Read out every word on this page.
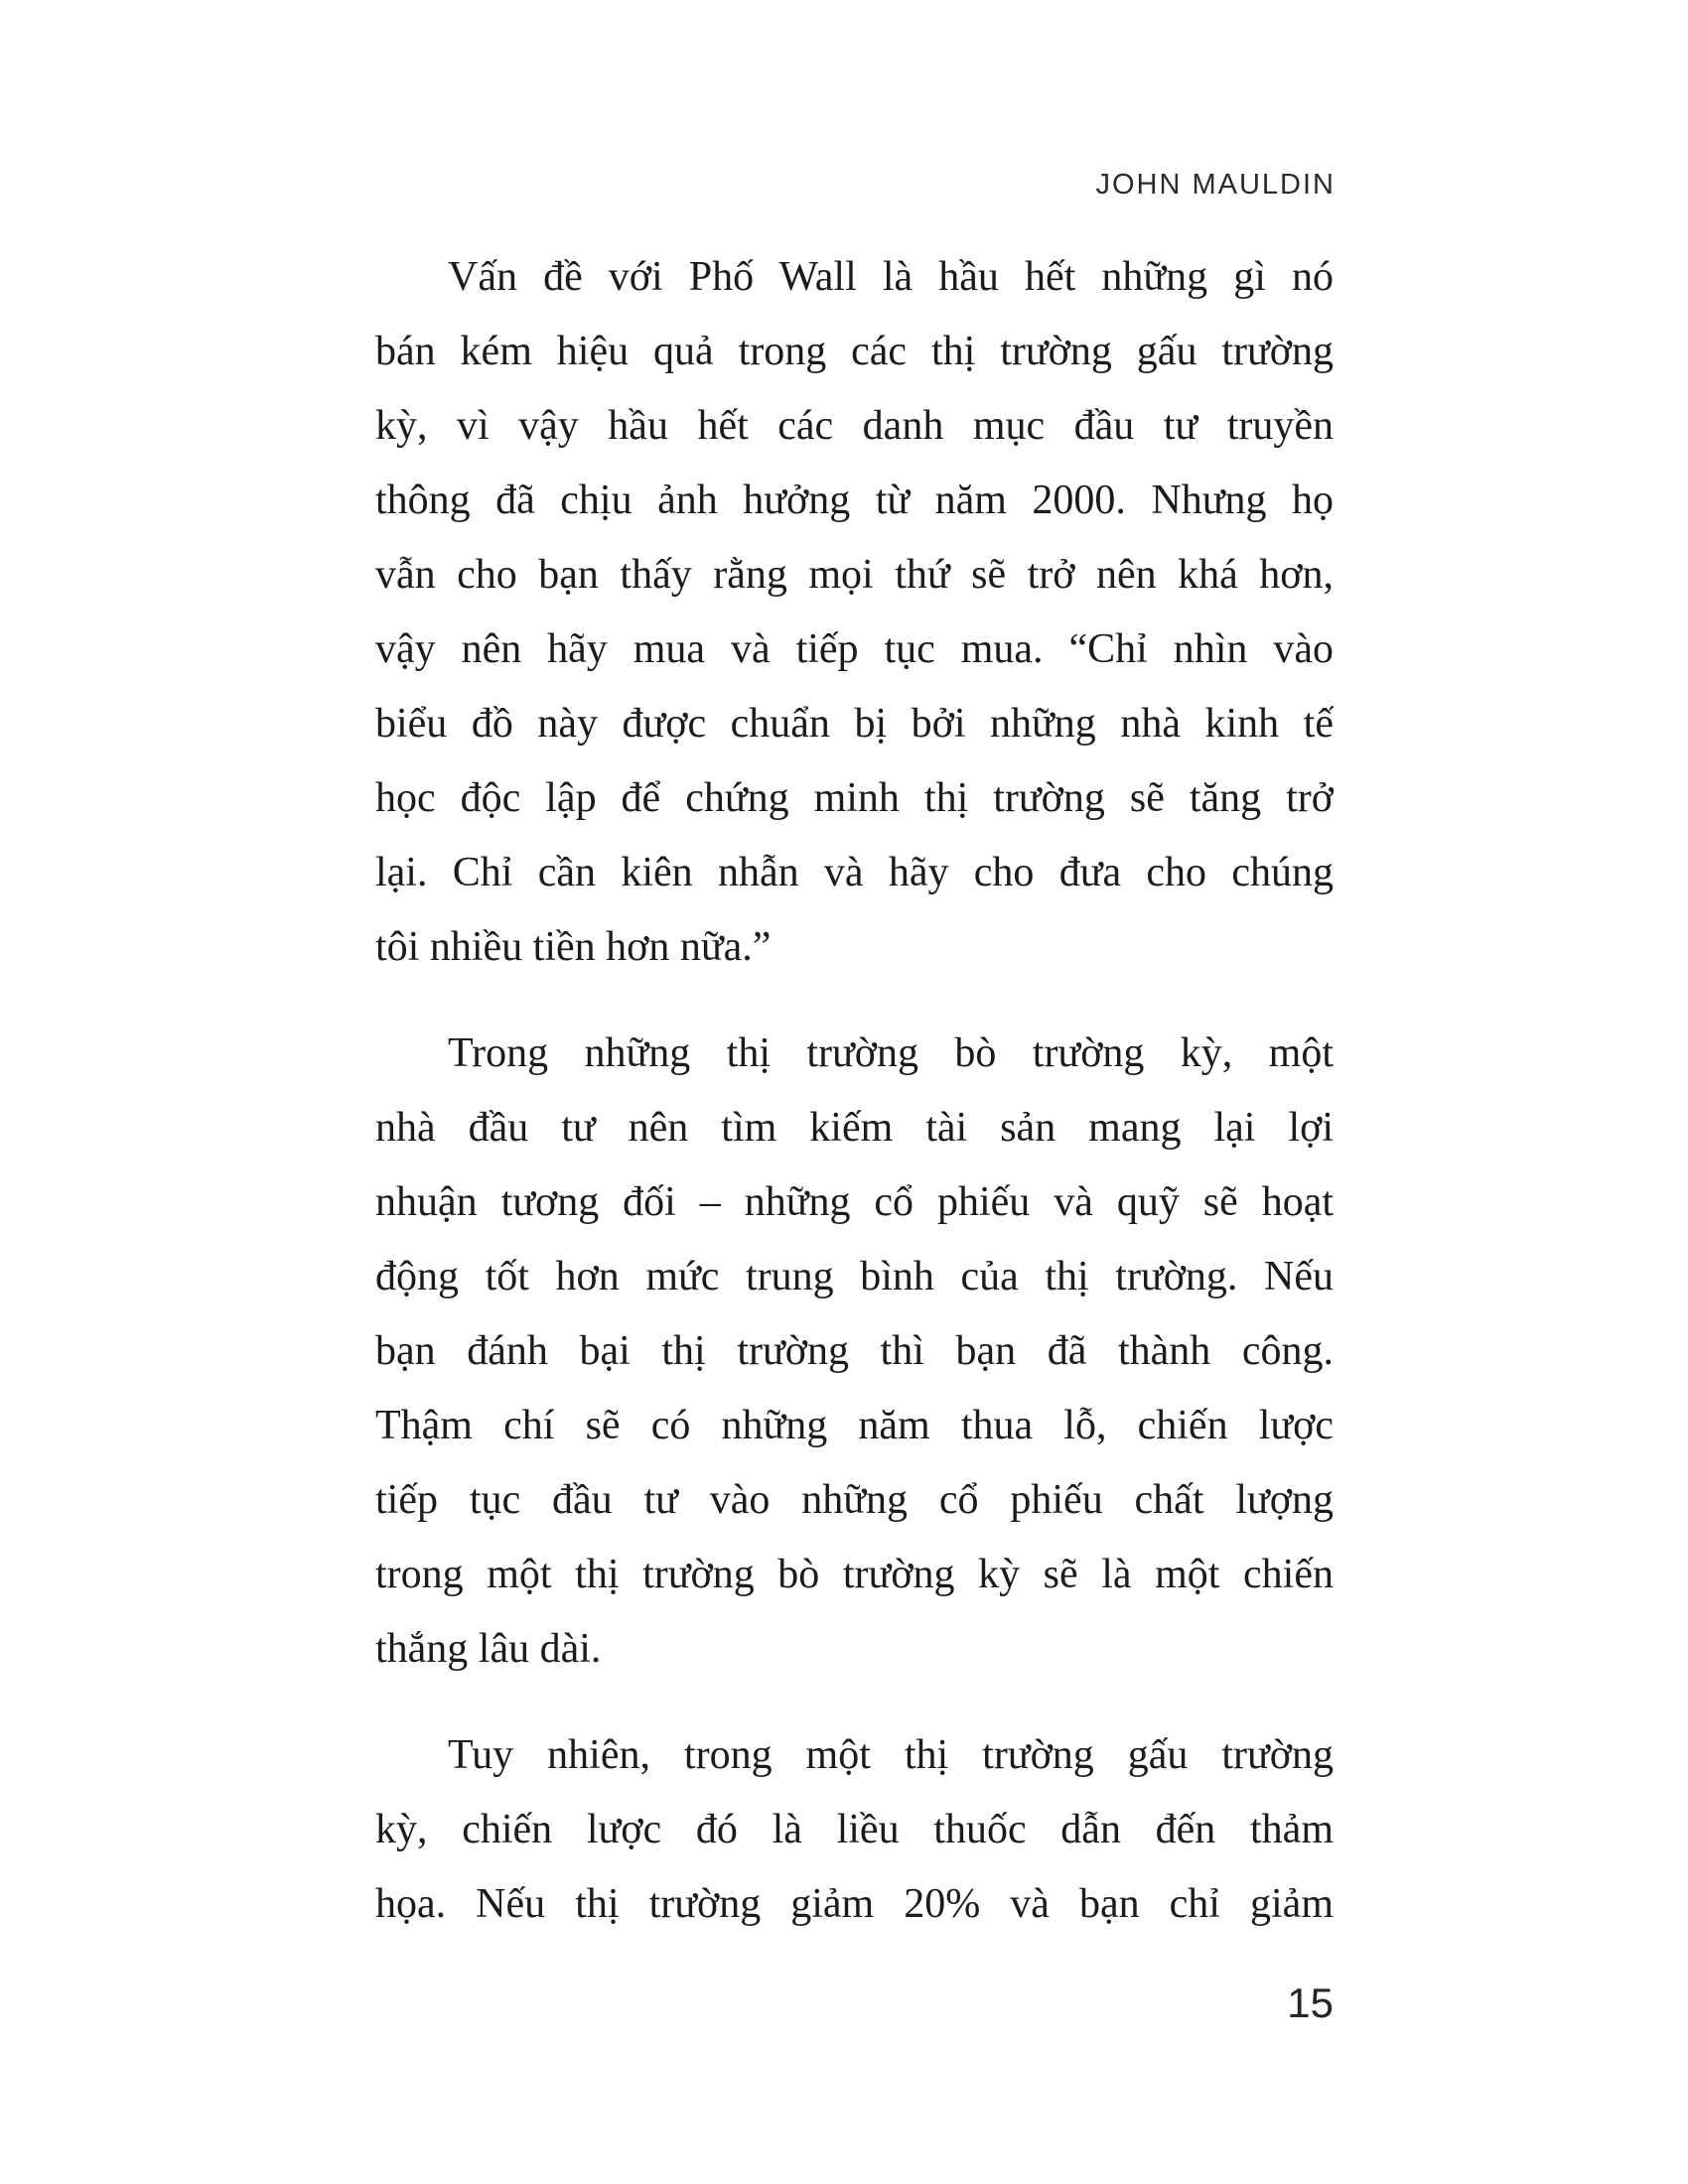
JOHN MAULDIN
Vấn đề với Phố Wall là hầu hết những gì nó
bán kém hiệu quả trong các thị trường gấu trường
kỳ, vì vậy hầu hết các danh mục đầu tư truyền
thông đã chịu ảnh hưởng từ năm 2000. Nhưng họ
vẫn cho bạn thấy rằng mọi thứ sẽ trở nên khá hơn,
vậy nên hãy mua và tiếp tục mua. “Chỉ nhìn vào
biểu đồ này được chuẩn bị bởi những nhà kinh tế
học độc lập để chứng minh thị trường sẽ tăng trở
lại. Chỉ cần kiên nhẫn và hãy cho đưa cho chúng
tôi nhiều tiền hơn nữa.”
Trong những thị trường bò trường kỳ, một
nhà đầu tư nên tìm kiếm tài sản mang lại lợi
nhuận tương đối – những cổ phiếu và quỹ sẽ hoạt
động tốt hơn mức trung bình của thị trường. Nếu
bạn đánh bại thị trường thì bạn đã thành công.
Thậm chí sẽ có những năm thua lỗ, chiến lược
tiếp tục đầu tư vào những cổ phiếu chất lượng
trong một thị trường bò trường kỳ sẽ là một chiến
thắng lâu dài.
Tuy nhiên, trong một thị trường gấu trường
kỳ, chiến lược đó là liều thuốc dẫn đến thảm
họa. Nếu thị trường giảm 20% và bạn chỉ giảm
15
